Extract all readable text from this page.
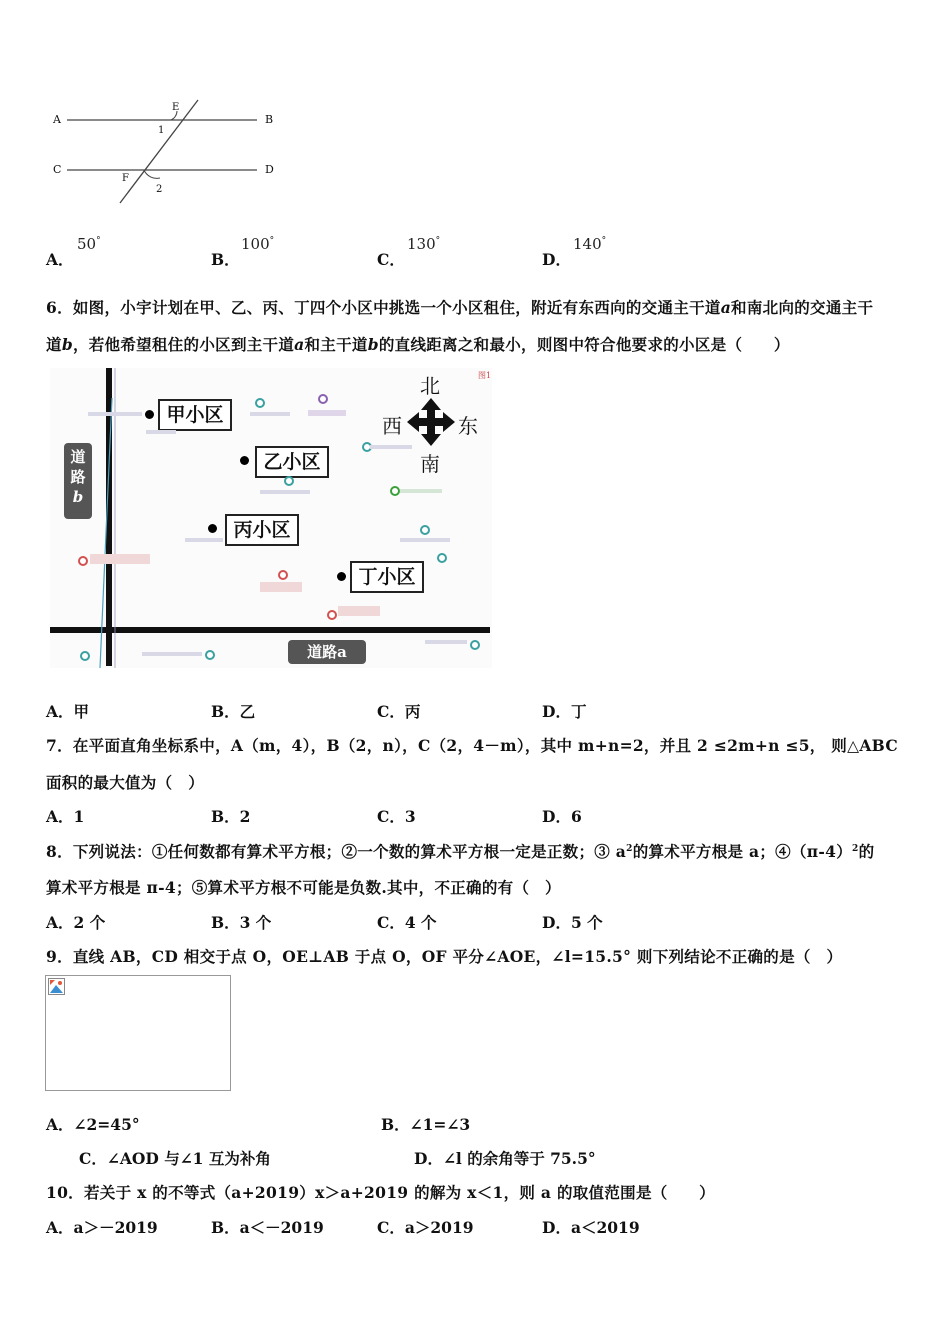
A	B
C	D
E
F
1
2
A．
50°
B．
100°
C．
130°
D．
140°
6．如图，小宇计划在甲、乙、丙、丁四个小区中挑选一个小区租住，附近有东西向的交通主干道a和南北向的交通主干
道b，若他希望租住的小区到主干道a和主干道b的直线距离之和最小，则图中符合他要求的小区是（　　）
北
南
西	东
图1
甲小区
乙小区
丙小区
丁小区
道
路
b
道路a
A．甲	B．乙	C．丙	D．丁
7．在平面直角坐标系中，A（m，4），B（2，n），C（2，4－m），其中 m+n=2，并且 2 ≤2m+n ≤5， 则△ABC
面积的最大值为（　）
A．1	B．2	C．3	D．6
8．下列说法：①任何数都有算术平方根；②一个数的算术平方根一定是正数；③ $a^2$的算术平方根是 a；$④(\pi-4)^2$的
算术平方根是 π-4；⑤算术平方根不可能是负数.其中，不正确的有（　）
A．2 个	B．3 个	C．4 个	D．5 个
9．直线 AB，CD 相交于点 O，OE⊥AB 于点 O，OF 平分∠AOE，∠l=15.5° 则下列结论不正确的是（　）
A．∠2=45°	B．∠1=∠3
C．∠AOD 与∠1 互为补角	D．∠l 的余角等于 75.5°
10．若关于 x 的不等式（a+2019）x＞a+2019 的解为 x＜1，则 a 的取值范围是（　　）
A．a＞－2019	B．a＜－2019	C．a＞2019	D．a＜2019
